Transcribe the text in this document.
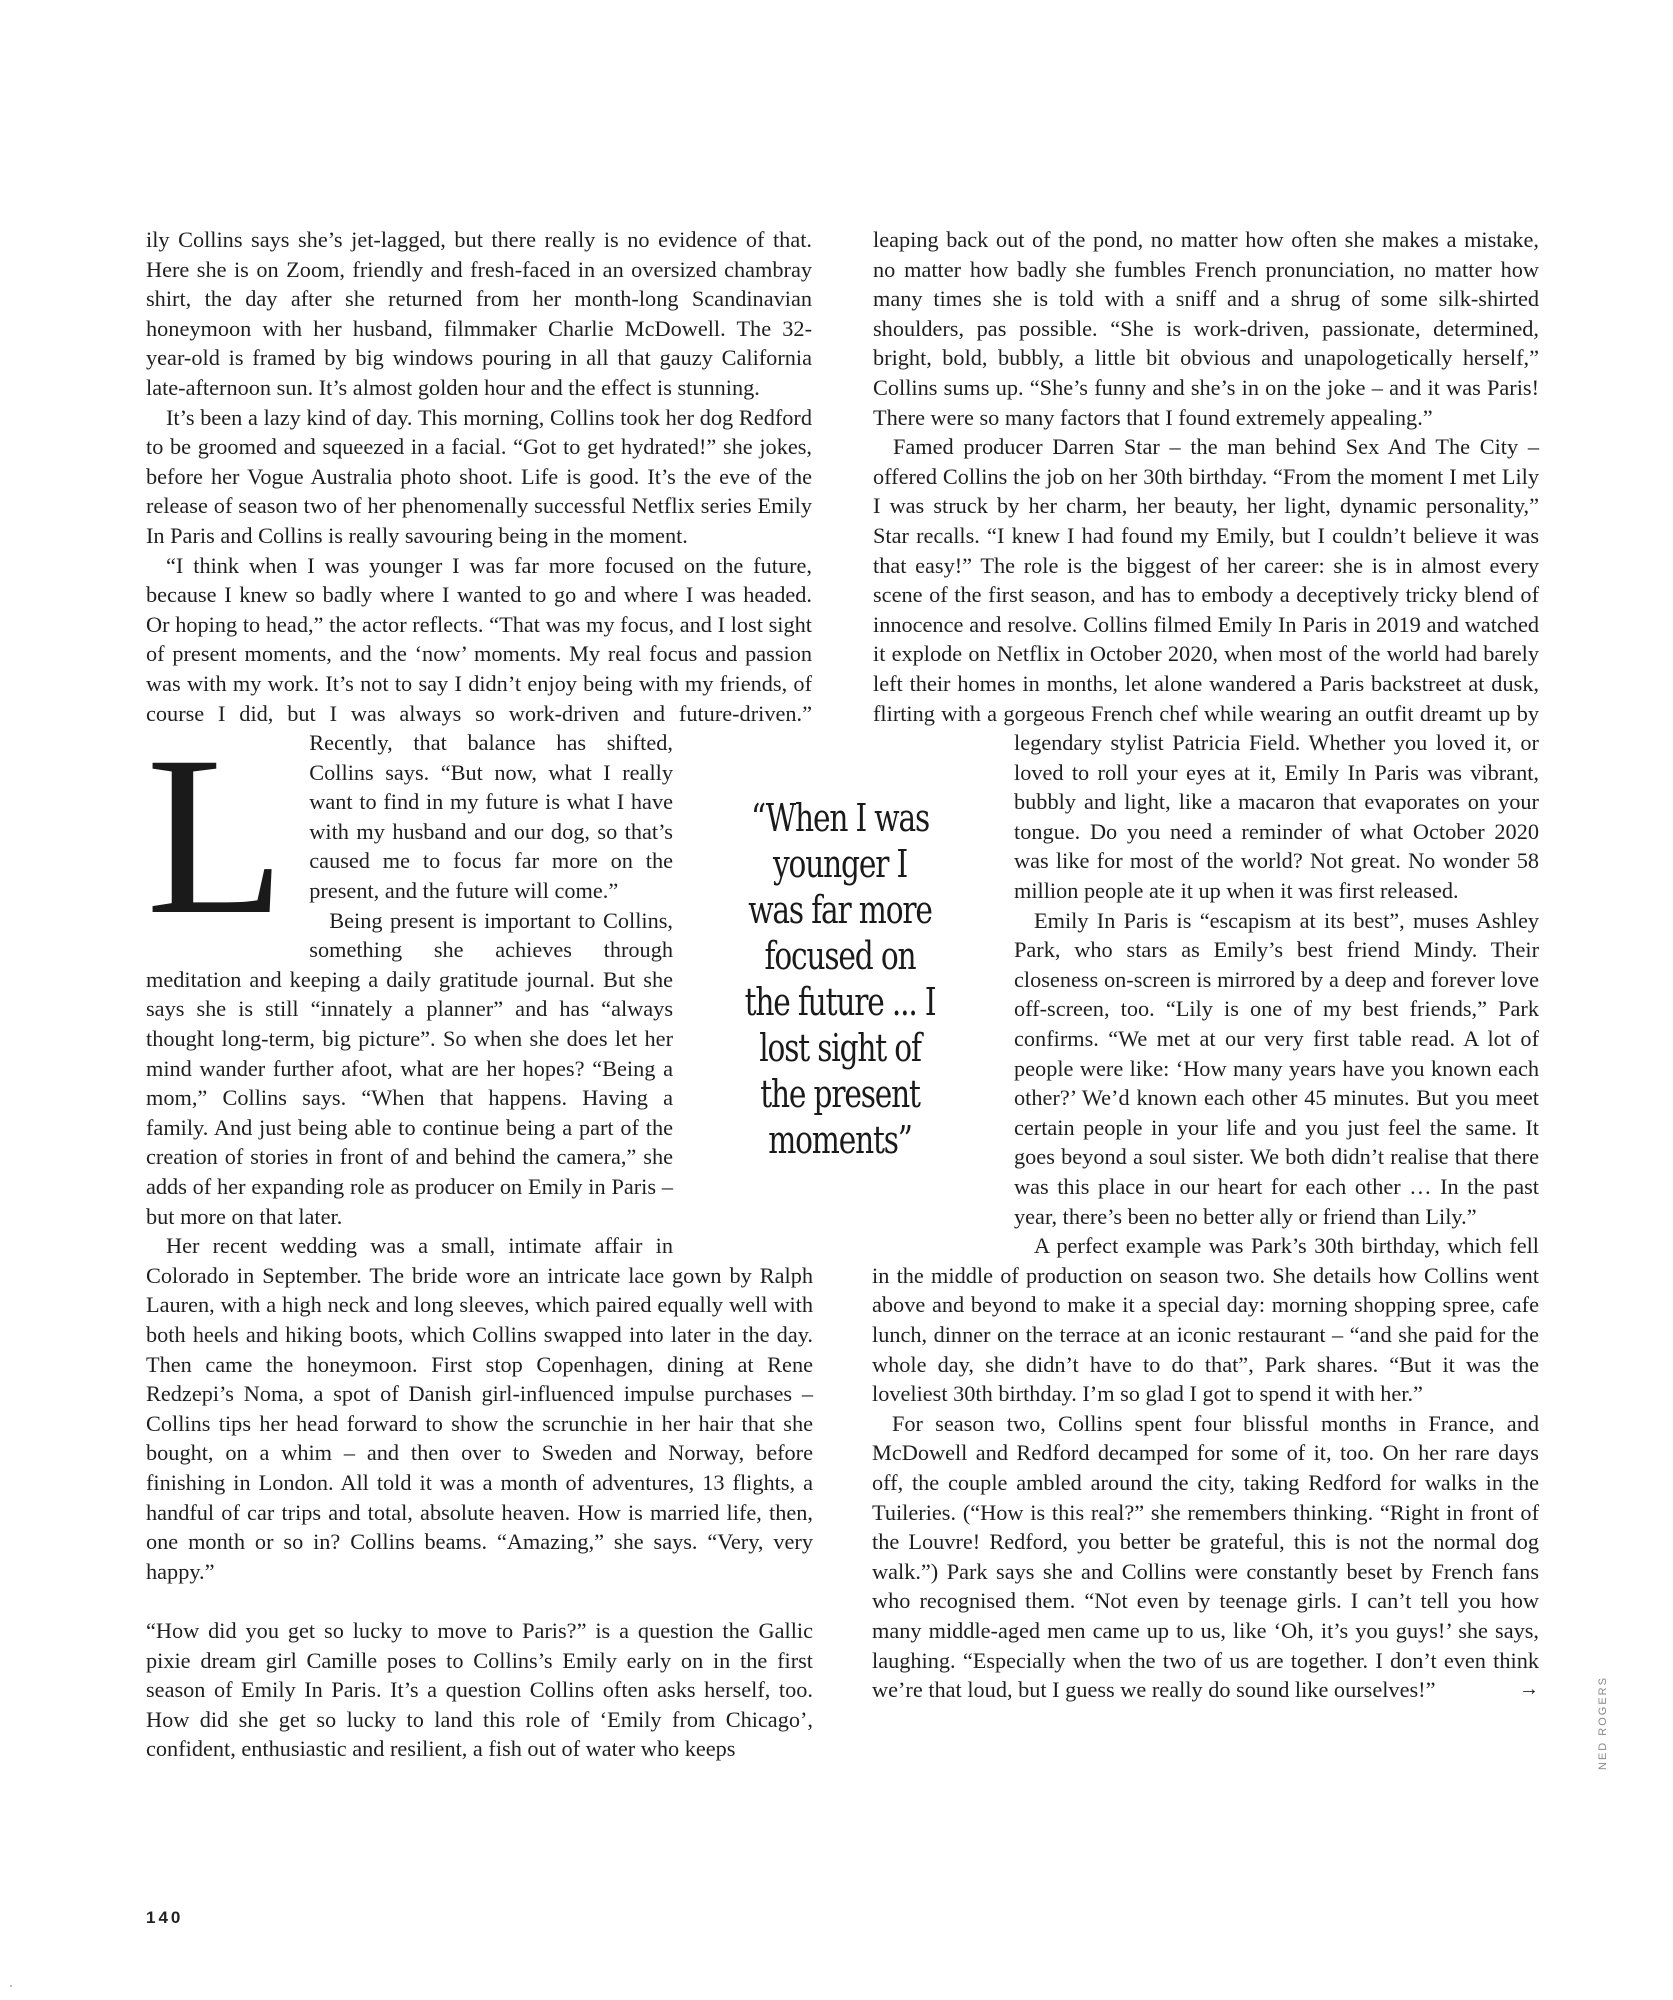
L

ily Collins says she’s jet-lagged, but there really is no evidence of that. Here she is on Zoom, friendly and fresh-faced in an oversized chambray shirt, the day after she returned from her month-long Scandinavian honeymoon with her husband, filmmaker Charlie McDowell. The 32-year-old is framed by big windows pouring in all that gauzy California late-afternoon sun. It’s almost golden hour and the effect is stunning.

It’s been a lazy kind of day. This morning, Collins took her dog Redford to be groomed and squeezed in a facial. “Got to get hydrated!” she jokes, before her Vogue Australia photo shoot. Life is good. It’s the eve of the release of season two of her phenomenally successful Netflix series Emily In Paris and Collins is really savouring being in the moment.

“I think when I was younger I was far more focused on the future, because I knew so badly where I wanted to go and where I was headed. Or hoping to head,” the actor reflects. “That was my focus, and I lost sight of present moments, and the ‘now’ moments. My real focus and passion was with my work. It’s not to say I didn’t enjoy being with my friends, of course I did, but I was always so work-driven and future-driven.” Recently, that balance has shifted, Collins says. “But now, what I really want to find in my future is what I have with my husband and our dog, so that’s caused me to focus far more on the present, and the future will come.”

Being present is important to Collins, something she achieves through meditation and keeping a daily gratitude journal. But she says she is still “innately a planner” and has “always thought long-term, big picture”. So when she does let her mind wander further afoot, what are her hopes? “Being a mom,” Collins says. “When that happens. Having a family. And just being able to continue being a part of the creation of stories in front of and behind the camera,” she adds of her expanding role as producer on Emily in Paris – but more on that later.

Her recent wedding was a small, intimate affair in Colorado in September. The bride wore an intricate lace gown by Ralph Lauren, with a high neck and long sleeves, which paired equally well with both heels and hiking boots, which Collins swapped into later in the day. Then came the honeymoon. First stop Copenhagen, dining at Rene Redzepi’s Noma, a spot of Danish girl-influenced impulse purchases – Collins tips her head forward to show the scrunchie in her hair that she bought, on a whim – and then over to Sweden and Norway, before finishing in London. All told it was a month of adventures, 13 flights, a handful of car trips and total, absolute heaven. How is married life, then, one month or so in? Collins beams. “Amazing,” she says. “Very, very happy.”

“How did you get so lucky to move to Paris?” is a question the Gallic pixie dream girl Camille poses to Collins’s Emily early on in the first season of Emily In Paris. It’s a question Collins often asks herself, too. How did she get so lucky to land this role of ‘Emily from Chicago’, confident, enthusiastic and resilient, a fish out of water who keeps

“When I was younger I was far more focused on the future ... I lost sight of the present moments”

leaping back out of the pond, no matter how often she makes a mistake, no matter how badly she fumbles French pronunciation, no matter how many times she is told with a sniff and a shrug of some silk-shirted shoulders, pas possible. “She is work-driven, passionate, determined, bright, bold, bubbly, a little bit obvious and unapologetically herself,” Collins sums up. “She’s funny and she’s in on the joke – and it was Paris! There were so many factors that I found extremely appealing.”

Famed producer Darren Star – the man behind Sex And The City – offered Collins the job on her 30th birthday. “From the moment I met Lily I was struck by her charm, her beauty, her light, dynamic personality,” Star recalls. “I knew I had found my Emily, but I couldn’t believe it was that easy!” The role is the biggest of her career: she is in almost every scene of the first season, and has to embody a deceptively tricky blend of innocence and resolve. Collins filmed Emily In Paris in 2019 and watched it explode on Netflix in October 2020, when most of the world had barely left their homes in months, let alone wandered a Paris backstreet at dusk, flirting with a gorgeous French chef while wearing an outfit dreamt up by legendary stylist Patricia Field. Whether you loved it, or loved to roll your eyes at it, Emily In Paris was vibrant, bubbly and light, like a macaron that evaporates on your tongue. Do you need a reminder of what October 2020 was like for most of the world? Not great. No wonder 58 million people ate it up when it was first released.

Emily In Paris is “escapism at its best”, muses Ashley Park, who stars as Emily’s best friend Mindy. Their closeness on-screen is mirrored by a deep and forever love off-screen, too. “Lily is one of my best friends,” Park confirms. “We met at our very first table read. A lot of people were like: ‘How many years have you known each other?’ We’d known each other 45 minutes. But you meet certain people in your life and you just feel the same. It goes beyond a soul sister. We both didn’t realise that there was this place in our heart for each other … In the past year, there’s been no better ally or friend than Lily.”

A perfect example was Park’s 30th birthday, which fell in the middle of production on season two. She details how Collins went above and beyond to make it a special day: morning shopping spree, cafe lunch, dinner on the terrace at an iconic restaurant – “and she paid for the whole day, she didn’t have to do that”, Park shares. “But it was the loveliest 30th birthday. I’m so glad I got to spend it with her.”

For season two, Collins spent four blissful months in France, and McDowell and Redford decamped for some of it, too. On her rare days off, the couple ambled around the city, taking Redford for walks in the Tuileries. (“How is this real?” she remembers thinking. “Right in front of the Louvre! Redford, you better be grateful, this is not the normal dog walk.”) Park says she and Collins were constantly beset by French fans who recognised them. “Not even by teenage girls. I can’t tell you how many middle-aged men came up to us, like ‘Oh, it’s you guys!’ she says, laughing. “Especially when the two of us are together. I don’t even think we’re that loud, but I guess we really do sound like ourselves!”	→

140
NED ROGERS
